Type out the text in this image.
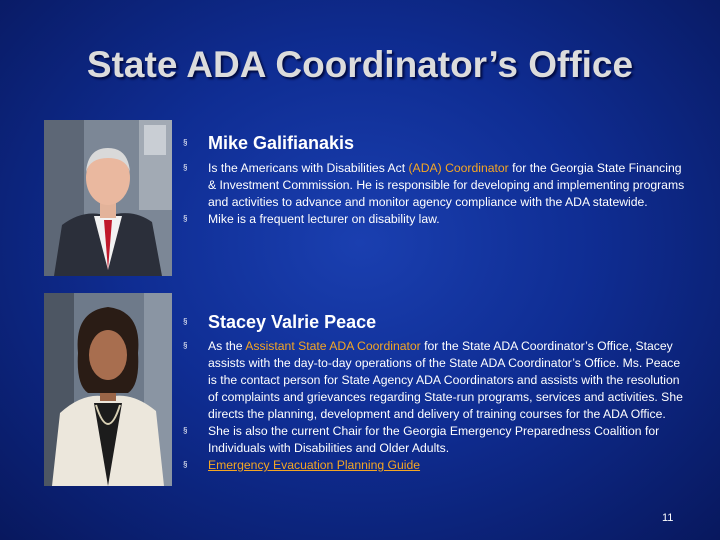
State ADA Coordinator’s Office
§	Mike Galifianakis
§	Is the Americans with Disabilities Act (ADA) Coordinator for the Georgia State Financing & Investment Commission. He is responsible for developing and implementing programs and activities to advance and monitor agency compliance with the ADA statewide.
§	Mike is a frequent lecturer on disability law.
§	Stacey Valrie Peace
§	As the Assistant State ADA Coordinator for the State ADA Coordinator’s Office, Stacey assists with the day-to-day operations of the State ADA Coordinator’s Office. Ms. Peace is the contact person for State Agency ADA Coordinators and assists with the resolution of complaints and grievances regarding State-run programs, services and activities. She directs the planning, development and delivery of training courses for the ADA Office.
§	She is also the current Chair for the Georgia Emergency Preparedness Coalition for Individuals with Disabilities and Older Adults.
§	Emergency Evacuation Planning Guide
11
